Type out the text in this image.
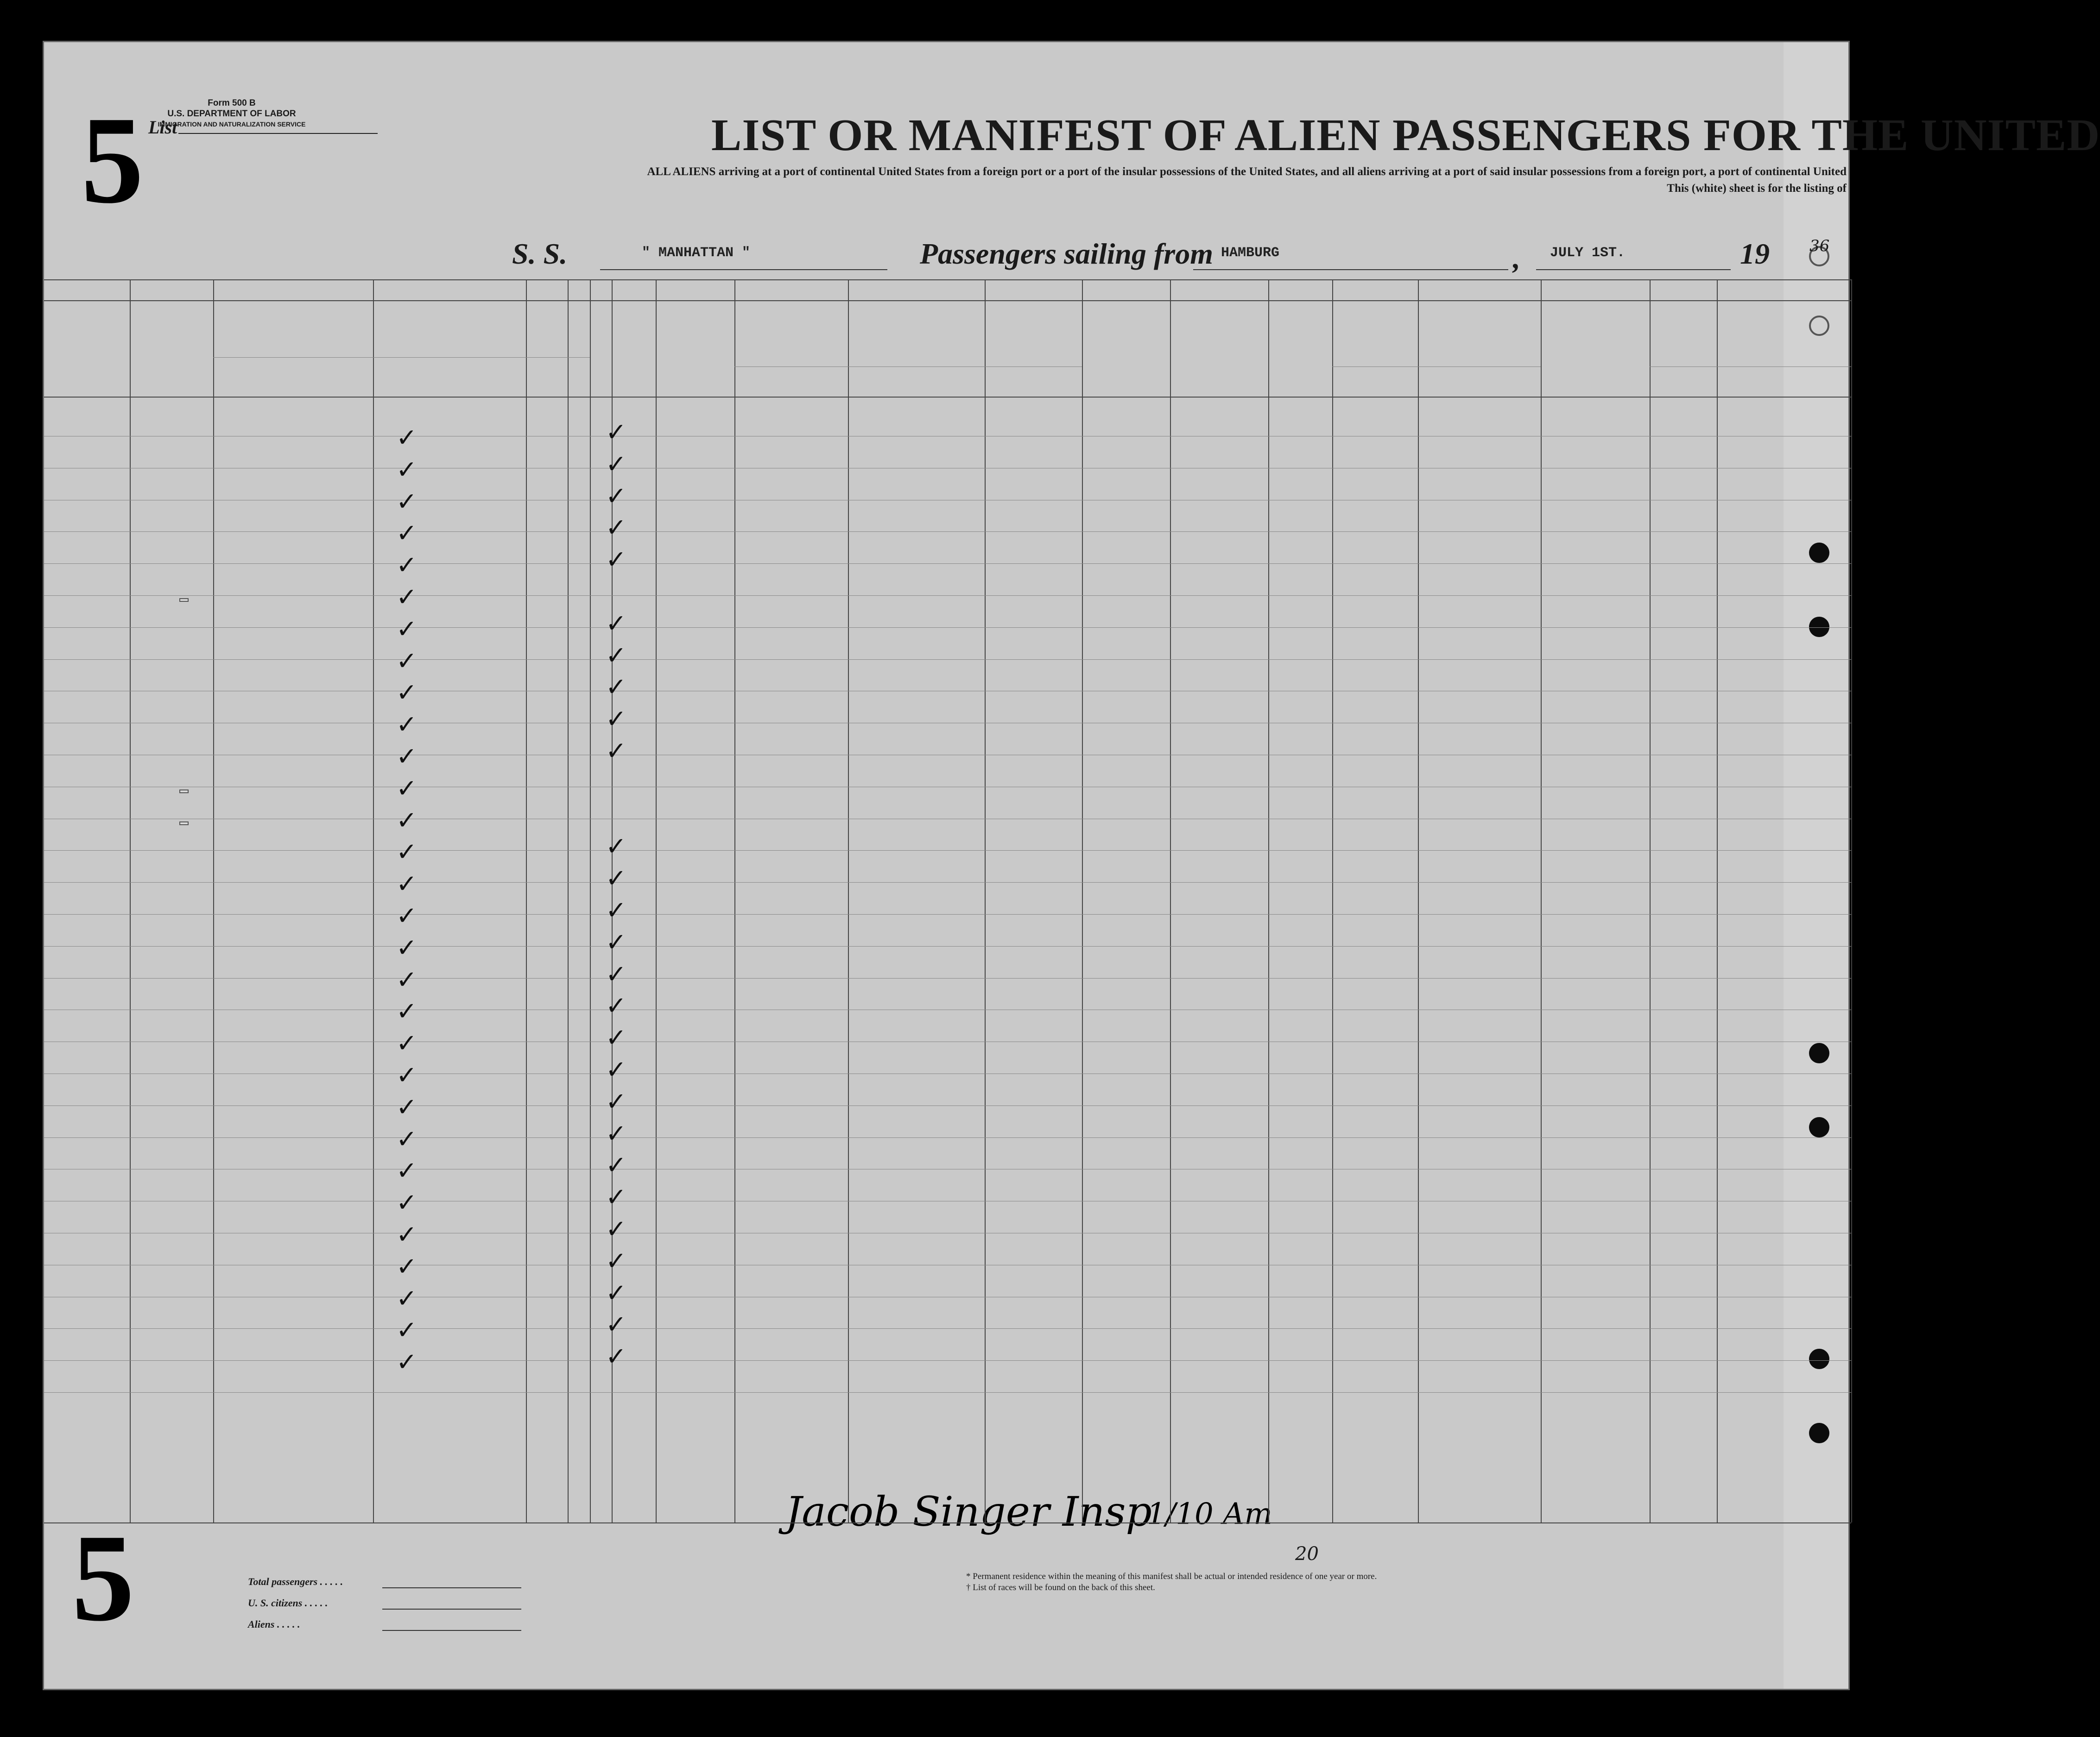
5	Form 500 B
U.S. DEPARTMENT OF LABOR
IMMIGRATION AND NATURALIZATION SERVICE
List	LIST OR MANIFEST OF ALIEN PASSENGERS FOR THE UNITED
ALL ALIENS arriving at a port of continental United States from a foreign port or a port of the insular possessions of the United States, and all aliens arriving at a port of said insular possessions from a foreign port, a port of continental United
This (white) sheet is for the listing of
S. S.	" MANHATTAN "	Passengers sailing from HAMBURG	, JULY 1ST.	19	36
5	Total passengers . . . . .
U. S. citizens . . . . .
Aliens . . . . .
* Permanent residence within the meaning of this manifest shall be actual or intended residence of one year or more.
† List of races will be found on the back of this sheet.
Jacob Singer Insp
1/10 Am
20
✓	✓
✓	✓
✓	✓
✓	✓
✓	✓
✓
✓	✓
✓	✓
✓	✓
✓	✓
✓	✓
✓
✓
✓	✓
✓	✓
✓	✓
✓	✓
✓	✓
✓	✓
✓	✓
✓	✓
✓	✓
✓	✓
✓	✓
✓	✓
✓	✓
✓	✓
✓	✓
✓	✓
✓	✓
